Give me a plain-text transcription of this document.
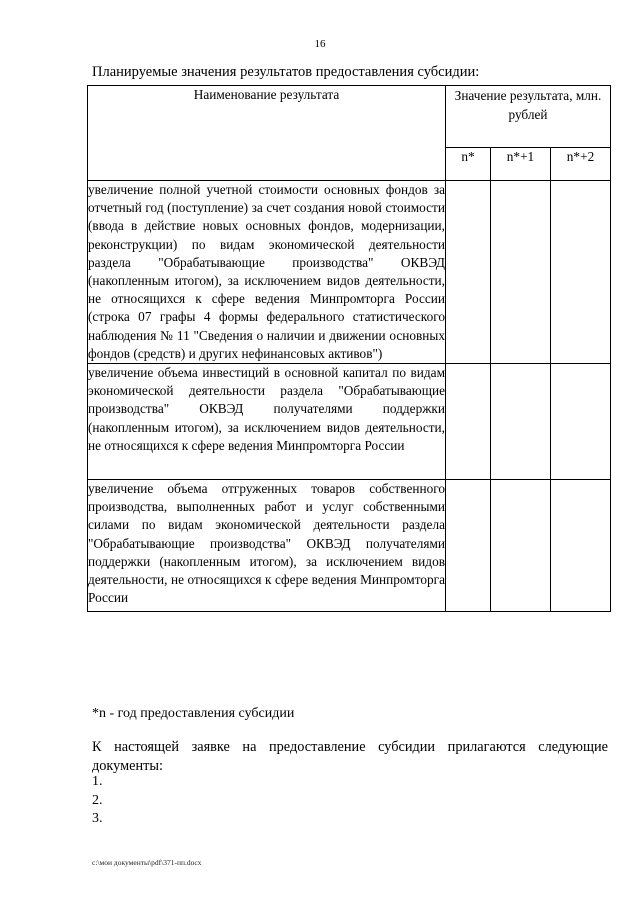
16
Планируемые значения результатов предоставления субсидии:
Наименование результата	Значение результата, млн. рублей		
	n*	n*+1	n*+2
увеличение полной учетной стоимости основных фондов за отчетный год (поступление) за счет создания новой стоимости (ввода в действие новых основных фондов, модернизации, реконструкции) по видам экономической деятельности раздела "Обрабатывающие производства" ОКВЭД (накопленным итогом), за исключением видов деятельности, не относящихся к сфере ведения Минпромторга России (строка 07 графы 4 формы федерального статистического наблюдения № 11 "Сведения о наличии и движении основных фондов (средств) и других нефинансовых активов")			
увеличение объема инвестиций в основной капитал по видам экономической деятельности раздела "Обрабатывающие производства" ОКВЭД получателями поддержки (накопленным итогом), за исключением видов деятельности, не относящихся к сфере ведения Минпромторга России			
увеличение объема отгруженных товаров собственного производства, выполненных работ и услуг собственными силами по видам экономической деятельности раздела "Обрабатывающие производства" ОКВЭД получателями поддержки (накопленным итогом), за исключением видов деятельности, не относящихся к сфере ведения Минпромторга России			
*n - год предоставления субсидии
К настоящей заявке на предоставление субсидии прилагаются следующие документы:
1.
2.
3.
c:\мои документы\pdf\371-пп.docx
